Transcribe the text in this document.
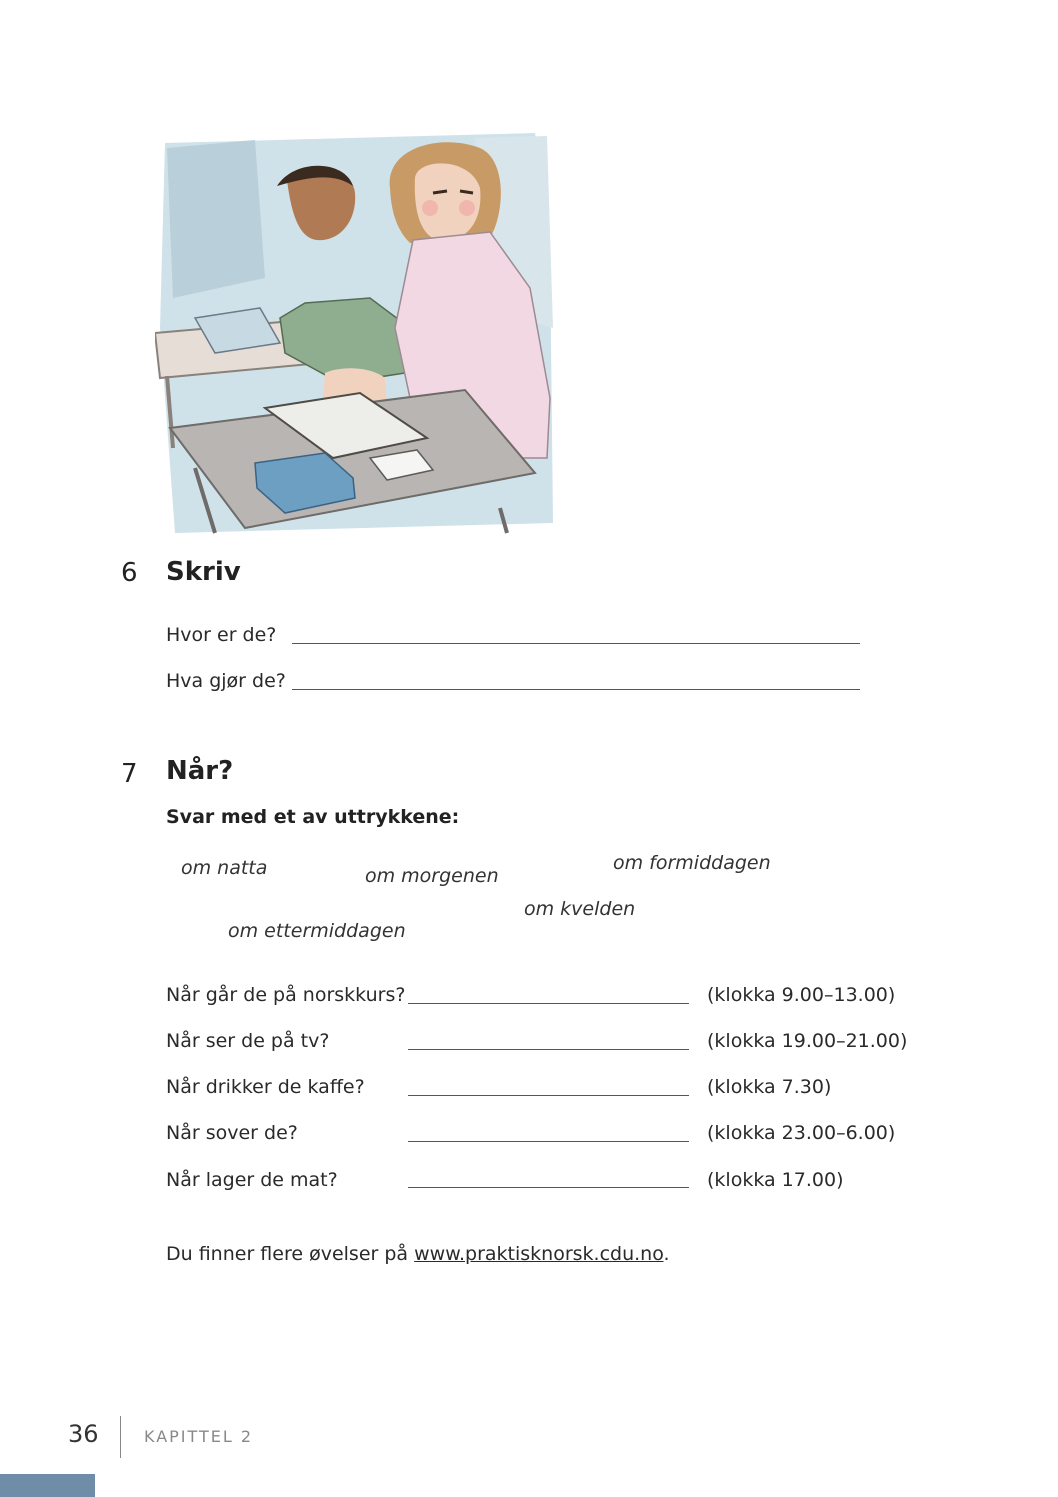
6 Skriv
Hvor er de?
Hva gjør de?
7 Når?
Svar med et av uttrykkene:
om natta	om morgenen
om formiddagen
om kvelden
om ettermiddagen
Når går de på norskkurs?	(klokka 9.00–13.00)
Når ser de på tv?	(klokka 19.00–21.00)
Når drikker de kaffe?	(klokka 7.30)
Når sover de?	(klokka 23.00–6.00)
Når lager de mat?	(klokka 17.00)
Du finner flere øvelser på www.praktisknorsk.cdu.no.
36	KAPITTEL 2
